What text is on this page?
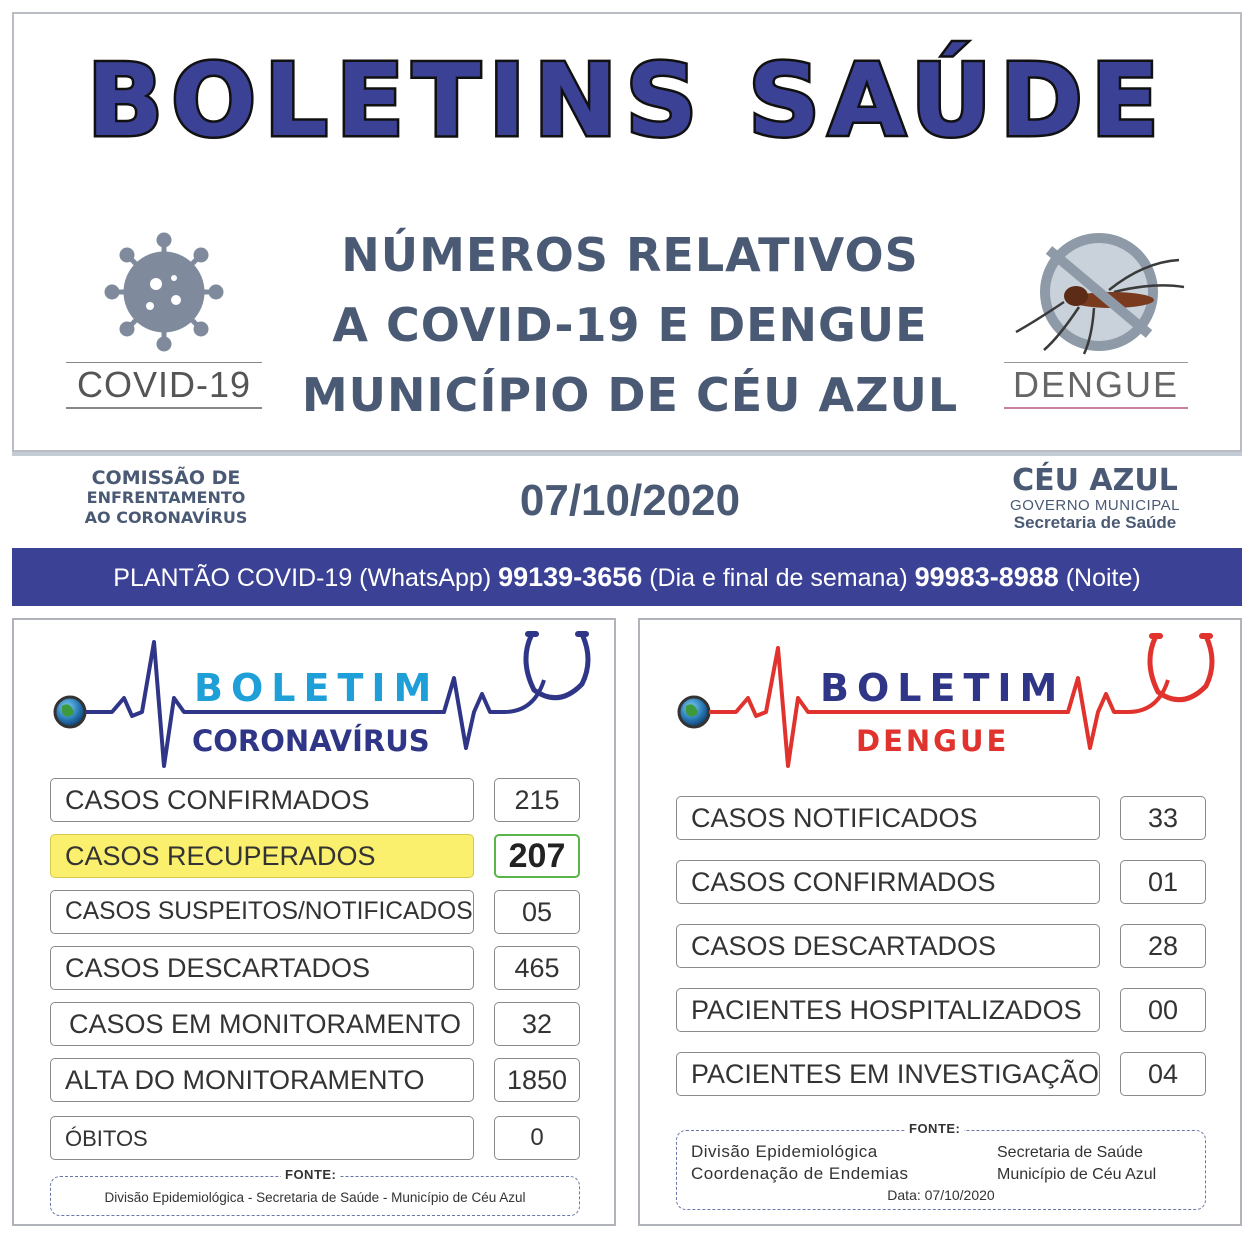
BOLETINS SAÚDE
NÚMEROS RELATIVOS
A COVID-19 E DENGUE
MUNICÍPIO DE CÉU AZUL
COVID-19	DENGUE
COMISSÃO DE
ENFRENTAMENTO
AO CORONAVÍRUS	07/10/2020	CÉU AZUL
GOVERNO MUNICIPAL
Secretaria de Saúde
PLANTÃO COVID-19 (WhatsApp) 99139-3656 (Dia e final de semana) 99983-8988 (Noite)
BOLETIM
CORONAVÍRUS
CASOS CONFIRMADOS	215
CASOS RECUPERADOS	207
CASOS SUSPEITOS/NOTIFICADOS	05
CASOS DESCARTADOS	465
CASOS EM MONITORAMENTO	32
ALTA DO MONITORAMENTO	1850
ÓBITOS	0
FONTE:
Divisão Epidemiológica - Secretaria de Saúde - Município de Céu Azul
BOLETIM
DENGUE
CASOS NOTIFICADOS	33
CASOS CONFIRMADOS	01
CASOS DESCARTADOS	28
PACIENTES HOSPITALIZADOS	00
PACIENTES EM INVESTIGAÇÃO	04
FONTE:
Divisão Epidemiológica
Coordenação de Endemias
Secretaria de Saúde
Município de Céu Azul
Data: 07/10/2020
